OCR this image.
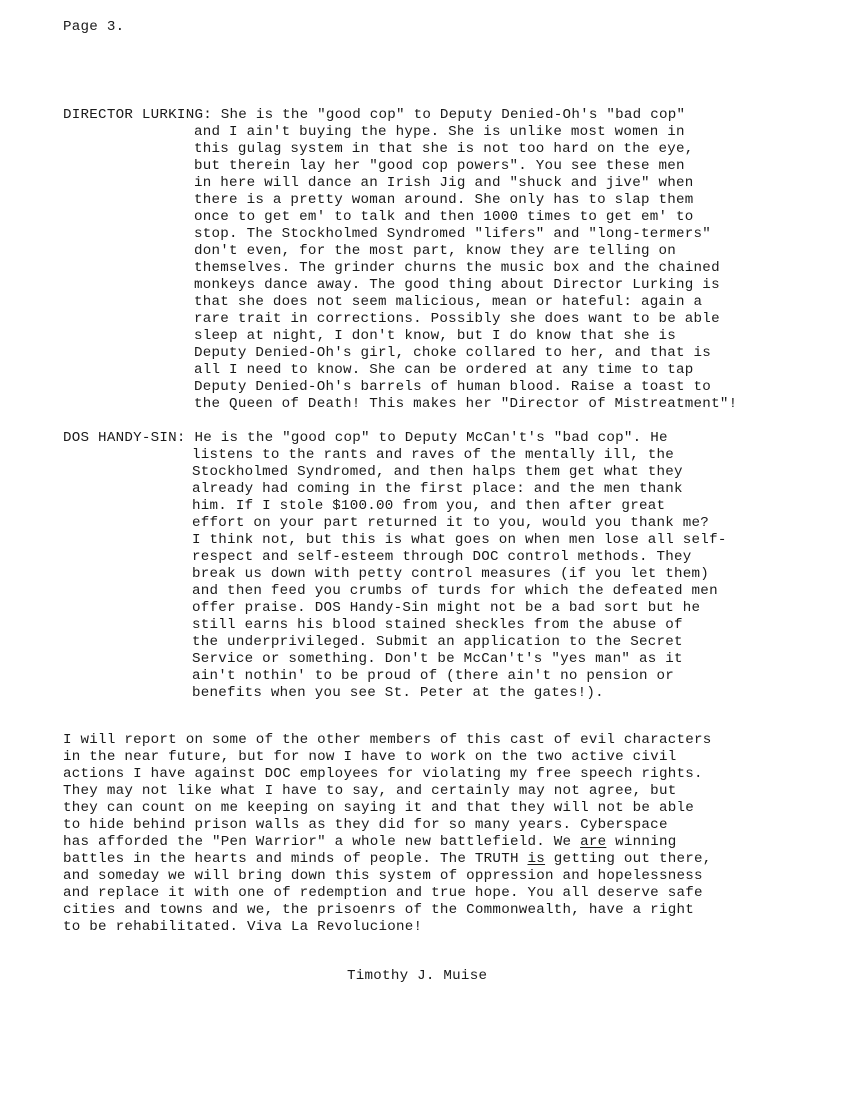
Page 3.
DIRECTOR LURKING: She is the "good cop" to Deputy Denied-Oh's "bad cop"
and I ain't buying the hype. She is unlike most women in
this gulag system in that she is not too hard on the eye,
but therein lay her "good cop powers". You see these men
in here will dance an Irish Jig and "shuck and jive" when
there is a pretty woman around. She only has to slap them
once to get em' to talk and then 1000 times to get em' to
stop. The Stockholmed Syndromed "lifers" and "long-termers"
don't even, for the most part, know they are telling on
themselves. The grinder churns the music box and the chained
monkeys dance away. The good thing about Director Lurking is
that she does not seem malicious, mean or hateful: again a
rare trait in corrections. Possibly she does want to be able
sleep at night, I don't know, but I do know that she is
Deputy Denied-Oh's girl, choke collared to her, and that is
all I need to know. She can be ordered at any time to tap
Deputy Denied-Oh's barrels of human blood. Raise a toast to
the Queen of Death! This makes her "Director of Mistreatment"!
DOS HANDY-SIN: He is the "good cop" to Deputy McCan't's "bad cop". He
listens to the rants and raves of the mentally ill, the
Stockholmed Syndromed, and then halps them get what they
already had coming in the first place: and the men thank
him. If I stole $100.00 from you, and then after great
effort on your part returned it to you, would you thank me?
I think not, but this is what goes on when men lose all self-
respect and self-esteem through DOC control methods. They
break us down with petty control measures (if you let them)
and then feed you crumbs of turds for which the defeated men
offer praise. DOS Handy-Sin might not be a bad sort but he
still earns his blood stained sheckles from the abuse of
the underprivileged. Submit an application to the Secret
Service or something. Don't be McCan't's "yes man" as it
ain't nothin' to be proud of (there ain't no pension or
benefits when you see St. Peter at the gates!).
I will report on some of the other members of this cast of evil characters
in the near future, but for now I have to work on the two active civil
actions I have against DOC employees for violating my free speech rights.
They may not like what I have to say, and certainly may not agree, but
they can count on me keeping on saying it and that they will not be able
to hide behind prison walls as they did for so many years. Cyberspace
has afforded the "Pen Warrior" a whole new battlefield. We are winning
battles in the hearts and minds of people. The TRUTH is getting out there,
and someday we will bring down this system of oppression and hopelessness
and replace it with one of redemption and true hope. You all deserve safe
cities and towns and we, the prisoenrs of the Commonwealth, have a right
to be rehabilitated. Viva La Revolucione!
Timothy J. Muise
